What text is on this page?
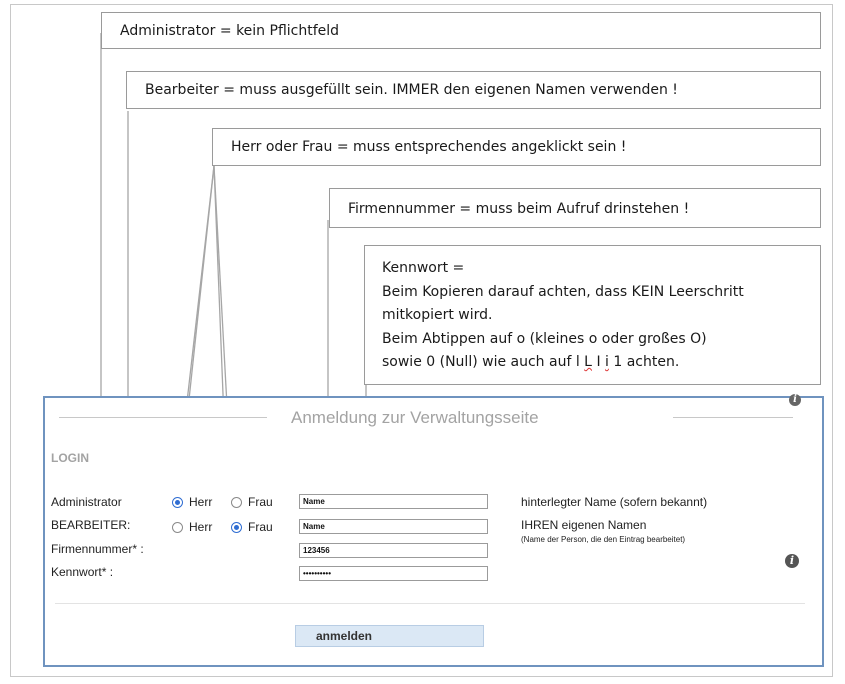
Administrator = kein Pflichtfeld
Bearbeiter = muss ausgefüllt sein. IMMER den eigenen Namen verwenden !
Herr oder Frau = muss entsprechendes angeklickt sein !
Firmennummer = muss beim Aufruf drinstehen !
Kennwort =
Beim Kopieren darauf achten, dass KEIN Leerschritt
mitkopiert wird.
Beim Abtippen auf o (kleines o oder großes O)
sowie 0 (Null) wie auch auf l L I i 1 achten.
Anmeldung zur Verwaltungsseite
i
LOGIN
Administrator	Herr	Frau	Name	hinterlegter Name (sofern bekannt)
BEARBEITER:	Herr	Frau	Name	IHREN eigenen Namen
(Name der Person, die den Eintrag bearbeitet)
Firmennummer* :	123456
i
Kennwort* :	••••••••••
anmelden
